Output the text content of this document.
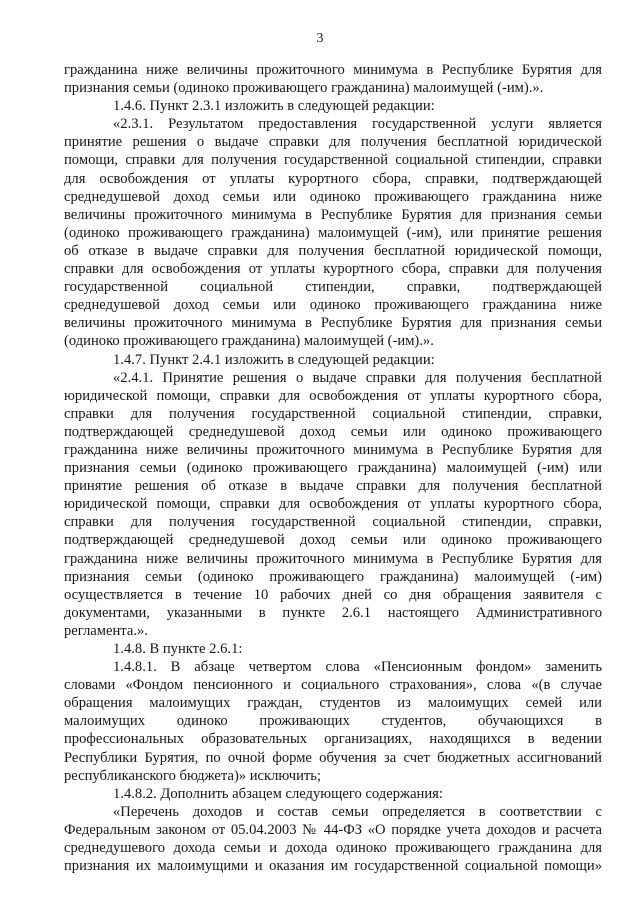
3
гражданина ниже величины прожиточного минимума в Республике Бурятия для
признания семьи (одиноко проживающего гражданина) малоимущей (-им).».
1.4.6. Пункт 2.3.1 изложить в следующей редакции:
«2.3.1. Результатом предоставления государственной услуги является
принятие решения о выдаче справки для получения бесплатной юридической
помощи, справки для получения государственной социальной стипендии, справки
для освобождения от уплаты курортного сбора, справки, подтверждающей
среднедушевой доход семьи или одиноко проживающего гражданина ниже
величины прожиточного минимума в Республике Бурятия для признания семьи
(одиноко проживающего гражданина) малоимущей (-им), или принятие решения
об отказе в выдаче справки для получения бесплатной юридической помощи,
справки для освобождения от уплаты курортного сбора, справки для получения
государственной социальной стипендии, справки, подтверждающей
среднедушевой доход семьи или одиноко проживающего гражданина ниже
величины прожиточного минимума в Республике Бурятия для признания семьи
(одиноко проживающего гражданина) малоимущей (-им).».
1.4.7. Пункт 2.4.1 изложить в следующей редакции:
«2.4.1. Принятие решения о выдаче справки для получения бесплатной
юридической помощи, справки для освобождения от уплаты курортного сбора,
справки для получения государственной социальной стипендии, справки,
подтверждающей среднедушевой доход семьи или одиноко проживающего
гражданина ниже величины прожиточного минимума в Республике Бурятия для
признания семьи (одиноко проживающего гражданина) малоимущей (-им) или
принятие решения об отказе в выдаче справки для получения бесплатной
юридической помощи, справки для освобождения от уплаты курортного сбора,
справки для получения государственной социальной стипендии, справки,
подтверждающей среднедушевой доход семьи или одиноко проживающего
гражданина ниже величины прожиточного минимума в Республике Бурятия для
признания семьи (одиноко проживающего гражданина) малоимущей (-им)
осуществляется в течение 10 рабочих дней со дня обращения заявителя с
документами, указанными в пункте 2.6.1 настоящего Административного
регламента.».
1.4.8. В пункте 2.6.1:
1.4.8.1. В абзаце четвертом слова «Пенсионным фондом» заменить
словами «Фондом пенсионного и социального страхования», слова «(в случае
обращения малоимущих граждан, студентов из малоимущих семей или
малоимущих одиноко проживающих студентов, обучающихся в
профессиональных образовательных организациях, находящихся в ведении
Республики Бурятия, по очной форме обучения за счет бюджетных ассигнований
республиканского бюджета)» исключить;
1.4.8.2. Дополнить абзацем следующего содержания:
«Перечень доходов и состав семьи определяется в соответствии с
Федеральным законом от 05.04.2003 № 44-ФЗ «О порядке учета доходов и расчета
среднедушевого дохода семьи и дохода одиноко проживающего гражданина для
признания их малоимущими и оказания им государственной социальной помощи»
